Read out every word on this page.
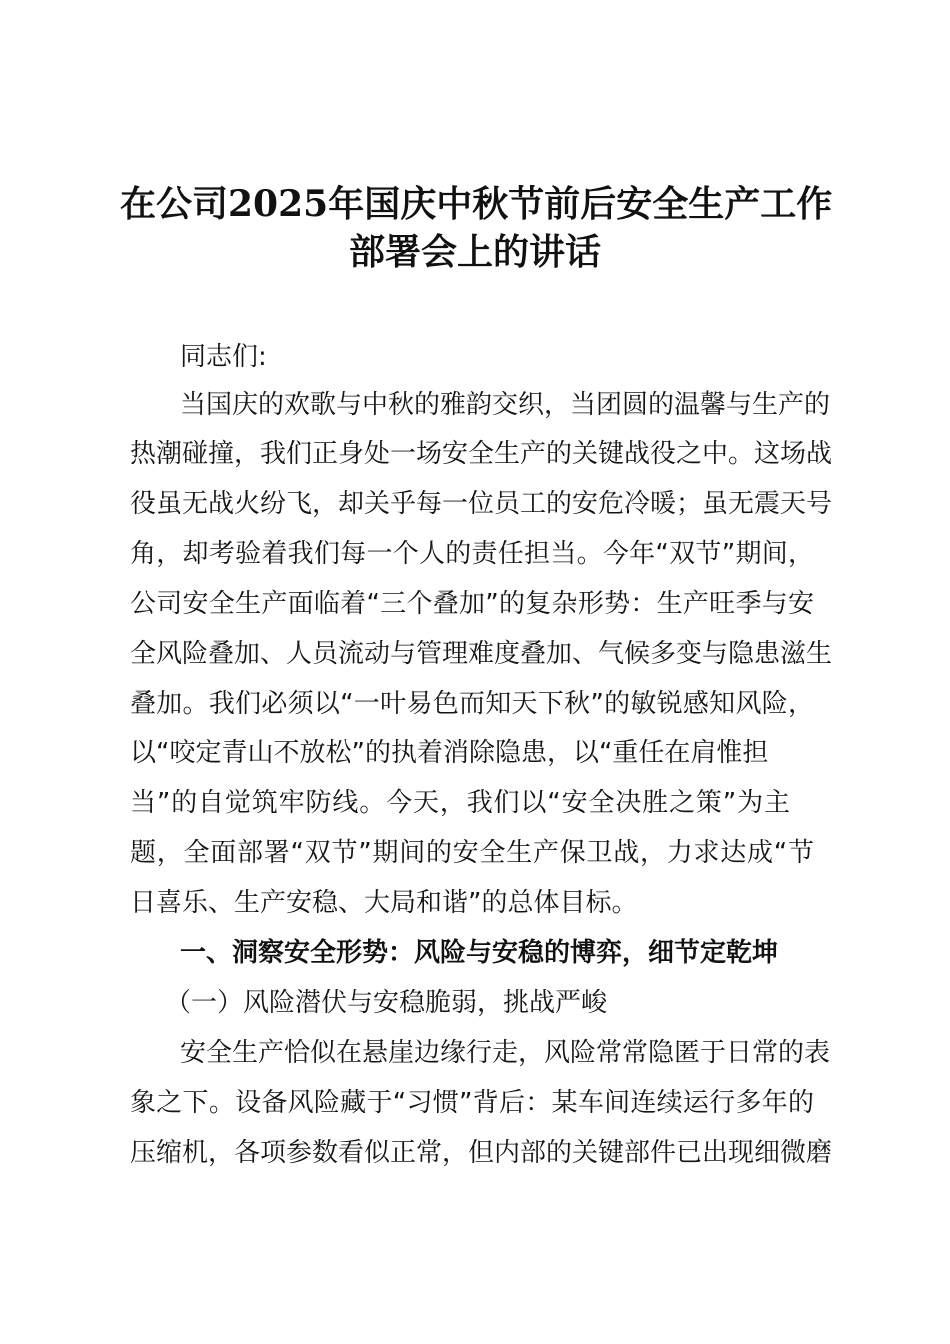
在公司2025年国庆中秋节前后安全生产工作
部署会上的讲话
同志们:
当国庆的欢歌与中秋的雅韵交织，当团圆的温馨与生产的
热潮碰撞，我们正身处一场安全生产的关键战役之中。这场战
役虽无战火纷飞，却关乎每一位员工的安危冷暖；虽无震天号
角，却考验着我们每一个人的责任担当。今年“双节”期间，
公司安全生产面临着“三个叠加”的复杂形势：生产旺季与安
全风险叠加、人员流动与管理难度叠加、气候多变与隐患滋生
叠加。我们必须以“一叶易色而知天下秋”的敏锐感知风险，
以“咬定青山不放松”的执着消除隐患，以“重任在肩惟担
当”的自觉筑牢防线。今天，我们以“安全决胜之策”为主
题，全面部署“双节”期间的安全生产保卫战，力求达成“节
日喜乐、生产安稳、大局和谐”的总体目标。
一、洞察安全形势：风险与安稳的博弈，细节定乾坤
（一）风险潜伏与安稳脆弱，挑战严峻
安全生产恰似在悬崖边缘行走，风险常常隐匿于日常的表
象之下。设备风险藏于“习惯”背后：某车间连续运行多年的
压缩机，各项参数看似正常，但内部的关键部件已出现细微磨
